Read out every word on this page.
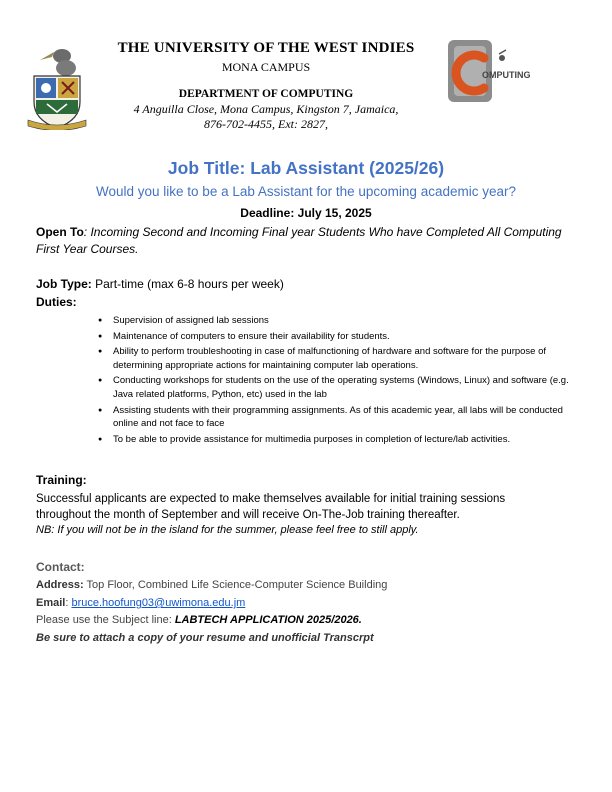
THE UNIVERSITY OF THE WEST INDIES
MONA CAMPUS
DEPARTMENT OF COMPUTING
4 Anguilla Close, Mona Campus, Kingston 7, Jamaica,
876-702-4455, Ext: 2827,
OMPUTING
Job Title: Lab Assistant (2025/26)
Would you like to be a Lab Assistant for the upcoming academic year?
Deadline: July 15, 2025
Open To: Incoming Second and Incoming Final year Students Who have Completed All Computing First Year Courses.
Job Type: Part-time (max 6-8 hours per week)
Duties:
● Supervision of assigned lab sessions
● Maintenance of computers to ensure their availability for students.
● Ability to perform troubleshooting in case of malfunctioning of hardware and software for the purpose of determining appropriate actions for maintaining computer lab operations.
● Conducting workshops for students on the use of the operating systems (Windows, Linux) and software (e.g. Java related platforms, Python, etc) used in the lab
● Assisting students with their programming assignments. As of this academic year, all labs will be conducted online and not face to face
● To be able to provide assistance for multimedia purposes in completion of lecture/lab activities.
Training:
Successful applicants are expected to make themselves available for initial training sessions throughout the month of September and will receive On-The-Job training thereafter.
NB: If you will not be in the island for the summer, please feel free to still apply.
Contact:
Address: Top Floor, Combined Life Science-Computer Science Building
Email: bruce.hoofung03@uwimona.edu.jm
Please use the Subject line: LABTECH APPLICATION 2025/2026.
Be sure to attach a copy of your resume and unofficial Transcrpt
